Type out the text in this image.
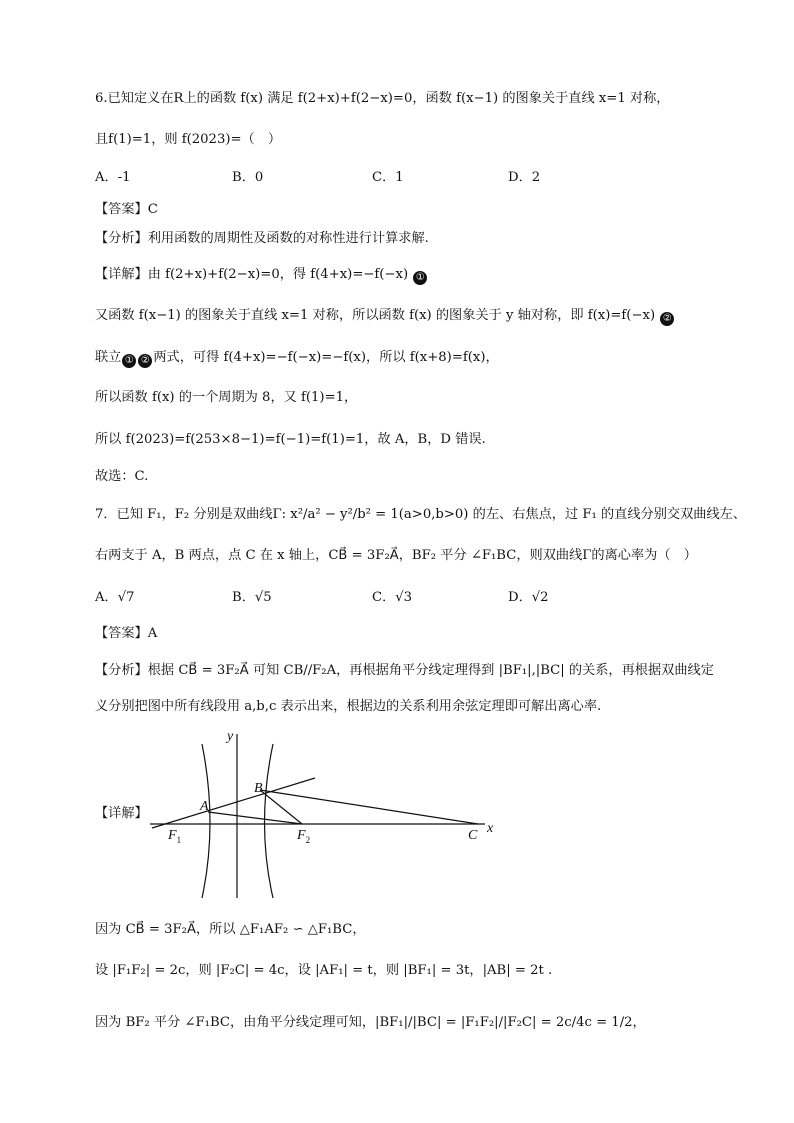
6.已知定义在R上的函数 f(x) 满足 f(2+x)+f(2−x)=0，函数 f(x−1) 的图象关于直线 x=1 对称，
且f(1)=1，则 f(2023)=（　）
A．-1	B．0	C．1	D．2
【答案】C
【分析】利用函数的周期性及函数的对称性进行计算求解.
【详解】由 f(2+x)+f(2−x)=0，得 f(4+x)=−f(−x) ①
又函数 f(x−1) 的图象关于直线 x=1 对称，所以函数 f(x) 的图象关于 y 轴对称，即 f(x)=f(−x) ②
联立 ① ② 两式，可得 f(4+x)=−f(−x)=−f(x)，所以 f(x+8)=f(x)，
所以函数 f(x) 的一个周期为 8，又 f(1)=1，
所以 f(2023)=f(253×8−1)=f(−1)=f(1)=1，故 A，B，D 错误.
故选：C.
7．已知 F₁，F₂ 分别是双曲线Γ: x²/a² − y²/b² = 1(a>0,b>0) 的左、右焦点，过 F₁ 的直线分别交双曲线左、
右两支于 A，B 两点，点 C 在 x 轴上，CB⃗ = 3F₂A⃗，BF₂ 平分 ∠F₁BC，则双曲线Γ的离心率为（　）
A．√7	B．√5	C．√3	D．√2
【答案】A
【分析】根据 CB⃗ = 3F₂A⃗ 可知 CB//F₂A，再根据角平分线定理得到 |BF₁|,|BC| 的关系，再根据双曲线定
义分别把图中所有线段用 a,b,c 表示出来，根据边的关系利用余弦定理即可解出离心率.
【详解】
y
x
A
B
C
$F_1$	$F_2$
因为 CB⃗ = 3F₂A⃗，所以 △F₁AF₂ ∽ △F₁BC，
设 |F₁F₂| = 2c，则 |F₂C| = 4c，设 |AF₁| = t，则 |BF₁| = 3t，|AB| = 2t .
因为 BF₂ 平分 ∠F₁BC，由角平分线定理可知，|BF₁|/|BC| = |F₁F₂|/|F₂C| = 2c/4c = 1/2，
